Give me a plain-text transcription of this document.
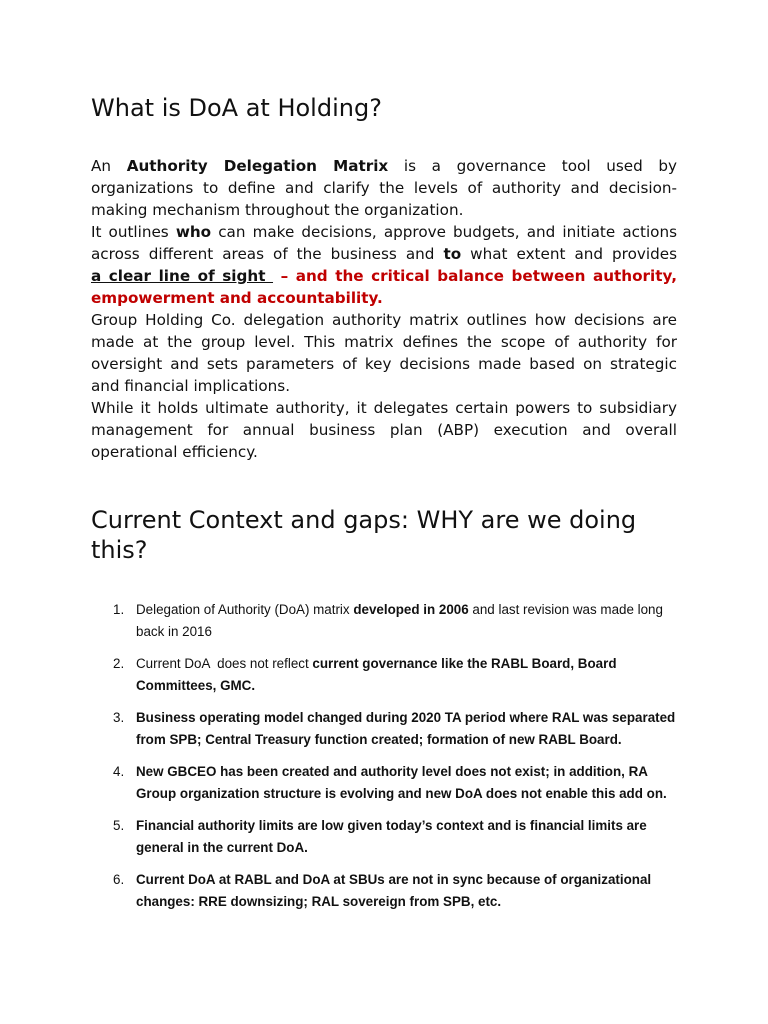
What is DoA at Holding?

An Authority Delegation Matrix is a governance tool used by organizations to define and clarify the levels of authority and decision-making mechanism throughout the organization.

It outlines who can make decisions, approve budgets, and initiate actions across different areas of the business and to what extent and provides a clear line of sight  – and the critical balance between authority, empowerment and accountability.

Group Holding Co. delegation authority matrix outlines how decisions are made at the group level. This matrix defines the scope of authority for oversight and sets parameters of key decisions made based on strategic and financial implications.

While it holds ultimate authority, it delegates certain powers to subsidiary management for annual business plan (ABP) execution and overall operational efficiency.

Current Context and gaps: WHY are we doing this?
1. Delegation of Authority (DoA) matrix developed in 2006 and last revision was made long back in 2016
2. Current DoA  does not reflect current governance like the RABL Board, Board Committees, GMC.
3. Business operating model changed during 2020 TA period where RAL was separated from SPB; Central Treasury function created; formation of new RABL Board.
4. New GBCEO has been created and authority level does not exist; in addition, RA Group organization structure is evolving and new DoA does not enable this add on.
5. Financial authority limits are low given today’s context and is financial limits are general in the current DoA.
6. Current DoA at RABL and DoA at SBUs are not in sync because of organizational changes: RRE downsizing; RAL sovereign from SPB, etc.
